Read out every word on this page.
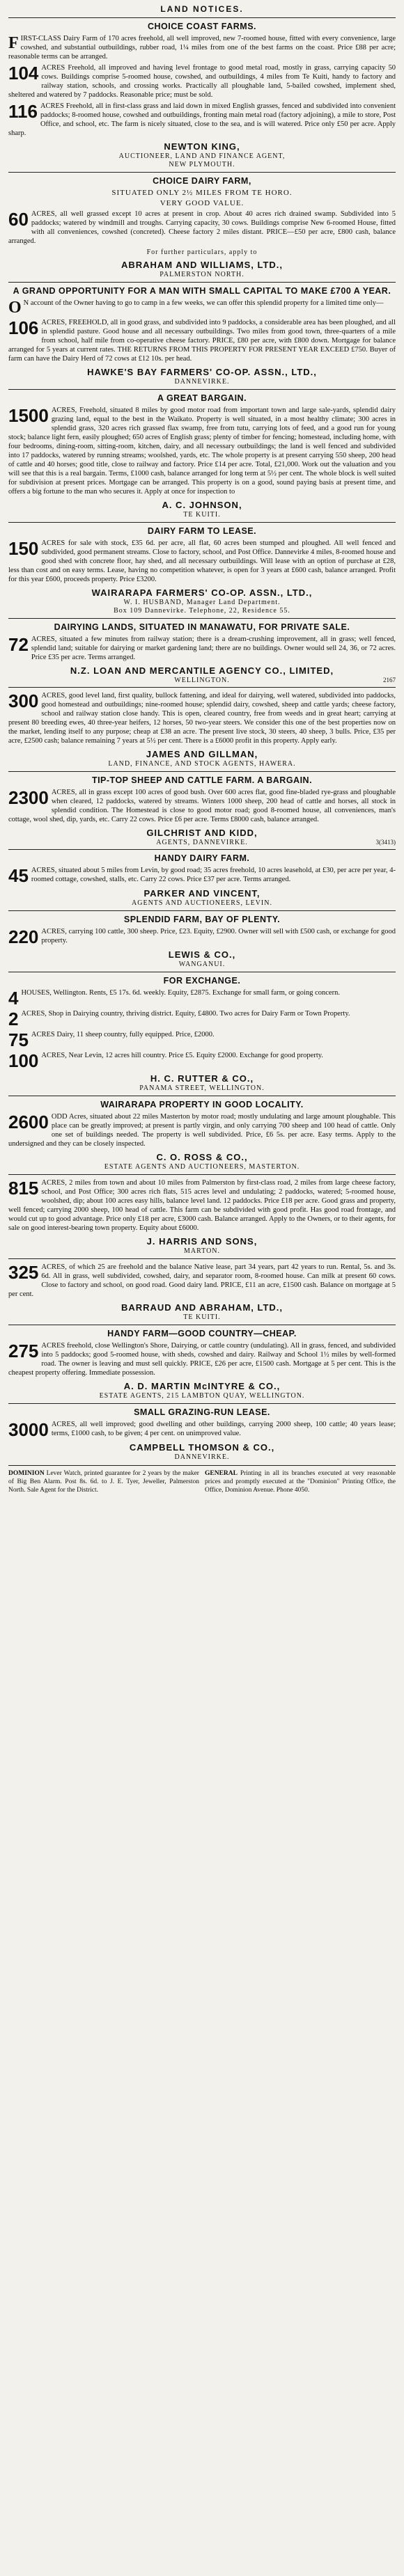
LAND NOTICES.
CHOICE COAST FARMS.

FIRST-CLASS Dairy Farm of 170 acres freehold, all well improved, new 7-roomed house, fitted with every convenience, large cowshed, and substantial outbuildings, rubber road, 1¼ miles from one of the best farms on the coast. Price £88 per acre; reasonable terms can be arranged.

104 ACRES Freehold, all improved and having level frontage to good metal road, mostly in grass, carrying capacity 50 cows. Buildings comprise 5-roomed house, cowshed, and outbuildings, 4 miles from Te Kuiti, handy to factory and railway station, schools, and crossing works. Practically all ploughable land, 5-bailed cowshed, implement shed, sheltered and watered by 7 paddocks. Reasonable price; must be sold.

116 ACRES Freehold, all in first-class grass and laid down in mixed English grasses, fenced and subdivided into convenient paddocks; 8-roomed house, cowshed and outbuildings, fronting main metal road (factory adjoining), a mile to store, Post Office, and school, etc. The farm is nicely situated, close to the sea, and is will watered. Price only £50 per acre. Apply sharp.

NEWTON KING,
AUCTIONEER, LAND AND FINANCE AGENT,
NEW PLYMOUTH.
CHOICE DAIRY FARM,
SITUATED ONLY 2½ MILES FROM TE HORO.
VERY GOOD VALUE.

60 ACRES, all well grassed except 10 acres at present in crop. About 40 acres rich drained swamp. Subdivided into 5 paddocks; watered by windmill and troughs. Carrying capacity, 30 cows. Buildings comprise New 6-roomed House, fitted with all conveniences, cowshed (concreted). Cheese factory 2 miles distant. PRICE—£50 per acre, £800 cash, balance arranged.

For further particulars, apply to
ABRAHAM AND WILLIAMS, LTD.,
PALMERSTON NORTH.
A GRAND OPPORTUNITY FOR A MAN WITH SMALL CAPITAL TO MAKE £700 A YEAR.

O N account of the Owner having to go to camp in a few weeks, we can offer this splendid property for a limited time only—

106 ACRES, FREEHOLD, all in good grass, and subdivided into 9 paddocks, a considerable area has been ploughed, and all in splendid pasture. Good house and all necessary outbuildings. Two miles from good town, three-quarters of a mile from school, half mile from co-operative cheese factory. PRICE, £80 per acre, with £800 down. Mortgage for balance arranged for 5 years at current rates. THE RETURNS FROM THIS PROPERTY FOR PRESENT YEAR EXCEED £750. Buyer of farm can have the Dairy Herd of 72 cows at £12 10s. per head.

HAWKE'S BAY FARMERS' CO-OP. ASSN., LTD.,
DANNEVIRKE.
A GREAT BARGAIN.

1500 ACRES, Freehold, situated 8 miles by good motor road from important town and large sale-yards, splendid dairy grazing land, equal to the best in the Waikato. Property is well situated, in a most healthy climate; 300 acres in splendid grass, 320 acres rich grassed flax swamp, free from tutu, carrying lots of feed, and a good run for young stock; balance light fern, easily ploughed; 650 acres of English grass; plenty of timber for fencing; homestead, including home, with four bedrooms, dining-room, sitting-room, kitchen, dairy, and all necessary outbuildings; the land is well fenced and subdivided into 17 paddocks, watered by running streams; woolshed, yards, etc. The whole property is at present carrying 550 sheep, 200 head of cattle and 40 horses; good title, close to railway and factory. Price £14 per acre. Total, £21,000. Work out the valuation and you will see that this is a real bargain. Terms, £1000 cash, balance arranged for long term at 5½ per cent. The whole block is well suited for subdivision at present prices. Mortgage can be arranged. This property is on a good, sound paying basis at present time, and offers a big fortune to the man who secures it. Apply at once for inspection to

A. C. JOHNSON,
TE KUITI.
DAIRY FARM TO LEASE.

150 ACRES for sale with stock, £35 6d. per acre, all flat, 60 acres been stumped and ploughed. All well fenced and subdivided, good permanent streams. Close to factory, school, and Post Office. Dannevirke 4 miles, 8-roomed house and good shed with concrete floor, hay shed, and all necessary outbuildings. Will lease with an option of purchase at £28, less than cost and on easy terms. Lease, having no competition whatever, is open for 3 years at £600 cash, balance arranged. Profit for this year £600, proceeds property. Price £3200.

WAIRARAPA FARMERS' CO-OP. ASSN., LTD.,
W. I. HUSBAND, Manager Land Department.
Box 109 Dannevirke. Telephone, 22, Residence 55.
DAIRYING LANDS, SITUATED IN MANAWATU, FOR PRIVATE SALE.

72 ACRES, situated a few minutes from railway station; there is a dream-crushing improvement, all in grass; well fenced, splendid land; suitable for dairying or market gardening land; there are no buildings. Owner would sell 24, 36, or 72 acres. Price £35 per acre. Terms arranged.

N.Z. LOAN AND MERCANTILE AGENCY CO., LIMITED,
WELLINGTON.	2167

300 ACRES, good level land, first quality, bullock fattening, and ideal for dairying, well watered, subdivided into paddocks, good homestead and outbuildings; nine-roomed house; splendid dairy, cowshed, sheep and cattle yards; cheese factory, school and railway station close handy. This is open, cleared country, free from weeds and in great heart; carrying at present 80 breeding ewes, 40 three-year heifers, 12 horses, 50 two-year steers. We consider this one of the best properties now on the market, lending itself to any purpose; cheap at £38 an acre. The present live stock, 30 steers, 40 sheep, 3 bulls. Price, £35 per acre, £2500 cash; balance remaining 7 years at 5½ per cent. There is a £6000 profit in this property. Apply early.

JAMES AND GILLMAN,
LAND, FINANCE, AND STOCK AGENTS, HAWERA.
TIP-TOP SHEEP AND CATTLE FARM. A BARGAIN.

2300 ACRES, all in grass except 100 acres of good bush. Over 600 acres flat, good fine-bladed rye-grass and ploughable when cleared, 12 paddocks, watered by streams. Winters 1000 sheep, 200 head of cattle and horses, all stock in splendid condition. The Homestead is close to good motor road; good 8-roomed house, all conveniences, man's cottage, wool shed, dip, yards, etc. Carry 22 cows. Price £6 per acre. Terms £8000 cash, balance arranged.

GILCHRIST AND KIDD,
AGENTS, DANNEVIRKE.	3(3413)
HANDY DAIRY FARM.

45 ACRES, situated about 5 miles from Levin, by good road; 35 acres freehold, 10 acres leasehold, at £30, per acre per year, 4-roomed cottage, cowshed, stalls, etc. Carry 22 cows. Price £37 per acre. Terms arranged.

PARKER AND VINCENT,
AGENTS AND AUCTIONEERS, LEVIN.
SPLENDID FARM, BAY OF PLENTY.

220 ACRES, carrying 100 cattle, 300 sheep. Price, £23. Equity, £2900. Owner will sell with £500 cash, or exchange for good property.

LEWIS & CO.,
WANGANUI.
FOR EXCHANGE.

4 HOUSES, Wellington. Rents, £5 17s. 6d. weekly. Equity, £2875. Exchange for small farm, or going concern.

2 ACRES, Shop in Dairying country, thriving district. Equity, £4800. Two acres for Dairy Farm or Town Property.

75 ACRES Dairy, 11 sheep country, fully equipped. Price, £2000.

100 ACRES, Near Levin, 12 acres hill country. Price £5. Equity £2000. Exchange for good property.

H. C. RUTTER & CO.,
PANAMA STREET, WELLINGTON.
WAIRARAPA PROPERTY IN GOOD LOCALITY.

2600 ODD Acres, situated about 22 miles Masterton by motor road; mostly undulating and large amount ploughable. This place can be greatly improved; at present is partly virgin, and only carrying 700 sheep and 100 head of cattle. Only one set of buildings needed. The property is well subdivided. Price, £6 5s. per acre. Easy terms. Apply to the undersigned and they can be closely inspected.

C. O. ROSS & CO.,
ESTATE AGENTS AND AUCTIONEERS, MASTERTON.

815 ACRES, 2 miles from town and about 10 miles from Palmerston by first-class road, 2 miles from large cheese factory, school, and Post Office; 300 acres rich flats, 515 acres level and undulating; 2 paddocks, watered; 5-roomed house, woolshed, dip; about 100 acres easy hills, balance level land. 12 paddocks. Price £18 per acre. Good grass and property, well fenced; carrying 2000 sheep, 100 head of cattle. This farm can be subdivided with good profit. Has good road frontage, and would cut up to good advantage. Price only £18 per acre, £3000 cash. Balance arranged. Apply to the Owners, or to their agents, for sale on good interest-bearing town property. Equity about £6000.

J. HARRIS AND SONS,
MARTON.

325 ACRES, of which 25 are freehold and the balance Native lease, part 34 years, part 42 years to run. Rental, 5s. and 3s. 6d. All in grass, well subdivided, cowshed, dairy, and separator room, 8-roomed house. Can milk at present 60 cows. Close to factory and school, on good road. Good dairy land. PRICE, £11 an acre, £1500 cash. Balance on mortgage at 5 per cent.

BARRAUD AND ABRAHAM, LTD.,
TE KUITI.
HANDY FARM—GOOD COUNTRY—CHEAP.

275 ACRES freehold, close Wellington's Shore, Dairying, or cattle country (undulating). All in grass, fenced, and subdivided into 5 paddocks; good 5-roomed house, with sheds, cowshed and dairy. Railway and School 1½ miles by well-formed road. The owner is leaving and must sell quickly. PRICE, £26 per acre, £1500 cash. Mortgage at 5 per cent. This is the cheapest property offering. Immediate possession.

A. D. MARTIN McINTYRE & CO.,
ESTATE AGENTS, 215 LAMBTON QUAY, WELLINGTON.
SMALL GRAZING-RUN LEASE.

3000 ACRES, all well improved; good dwelling and other buildings, carrying 2000 sheep, 100 cattle; 40 years lease; terms, £1000 cash, to be given; 4 per cent. on unimproved value.

CAMPBELL THOMSON & CO.,
DANNEVIRKE.
DOMINION Lever Watch, printed guarantee for 2 years by the maker of Big Ben Alarm. Post 8s. 6d. to J. E. Tyer, Jeweller, Palmerston North. Sale Agent for the District.
GENERAL Printing in all its branches executed at very reasonable prices and promptly executed at the "Dominion" Printing Office, the Office, Dominion Avenue. Phone 4050.
